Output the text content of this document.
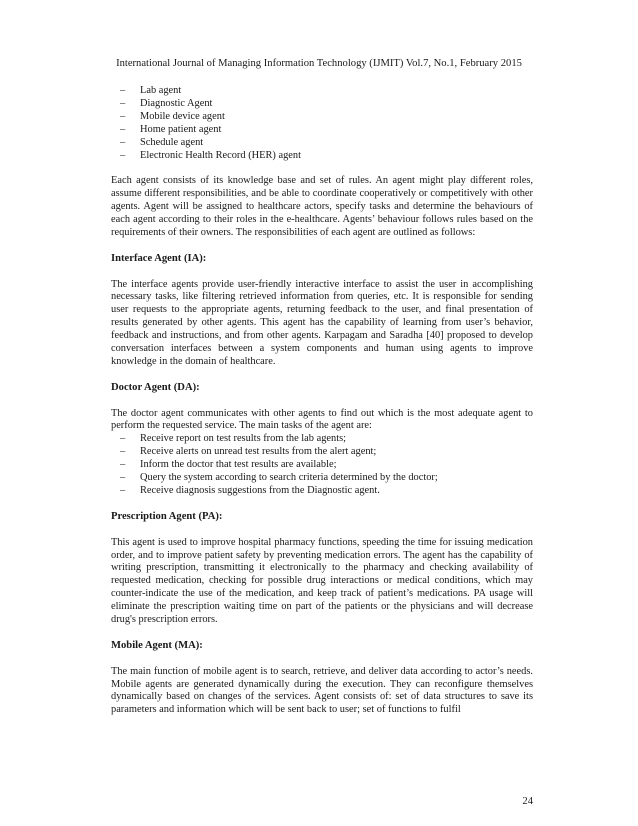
International Journal of Managing Information Technology (IJMIT) Vol.7, No.1, February 2015
– Lab agent
– Diagnostic Agent
– Mobile device agent
– Home patient agent
– Schedule agent
– Electronic Health Record (HER) agent

Each agent consists of its knowledge base and set of rules. An agent might play different roles, assume different responsibilities, and be able to coordinate cooperatively or competitively with other agents. Agent will be assigned to healthcare actors, specify tasks and determine the behaviours of each agent according to their roles in the e-healthcare. Agents’ behaviour follows rules based on the requirements of their owners. The responsibilities of each agent are outlined as follows:

Interface Agent (IA):

The interface agents provide user-friendly interactive interface to assist the user in accomplishing necessary tasks, like filtering retrieved information from queries, etc. It is responsible for sending user requests to the appropriate agents, returning feedback to the user, and final presentation of results generated by other agents. This agent has the capability of learning from user’s behavior, feedback and instructions, and from other agents. Karpagam and Saradha [40] proposed to develop conversation interfaces between a system components and human using agents to improve knowledge in the domain of healthcare.

Doctor Agent (DA):

The doctor agent communicates with other agents to find out which is the most adequate agent to perform the requested service. The main tasks of the agent are:

– Receive report on test results from the lab agents;
– Receive alerts on unread test results from the alert agent;
– Inform the doctor that test results are available;
– Query the system according to search criteria determined by the doctor;
– Receive diagnosis suggestions from the Diagnostic agent.
Prescription Agent (PA):

This agent is used to improve hospital pharmacy functions, speeding the time for issuing medication order, and to improve patient safety by preventing medication errors. The agent has the capability of writing prescription, transmitting it electronically to the pharmacy and checking availability of requested medication, checking for possible drug interactions or medical conditions, which may counter-indicate the use of the medication, and keep track of patient’s medications. PA usage will eliminate the prescription waiting time on part of the patients or the physicians and will decrease drug's prescription errors.

Mobile Agent (MA):

The main function of mobile agent is to search, retrieve, and deliver data according to actor’s needs. Mobile agents are generated dynamically during the execution. They can reconfigure themselves dynamically based on changes of the services. Agent consists of: set of data structures to save its parameters and information which will be sent back to user; set of functions to fulfil

24
